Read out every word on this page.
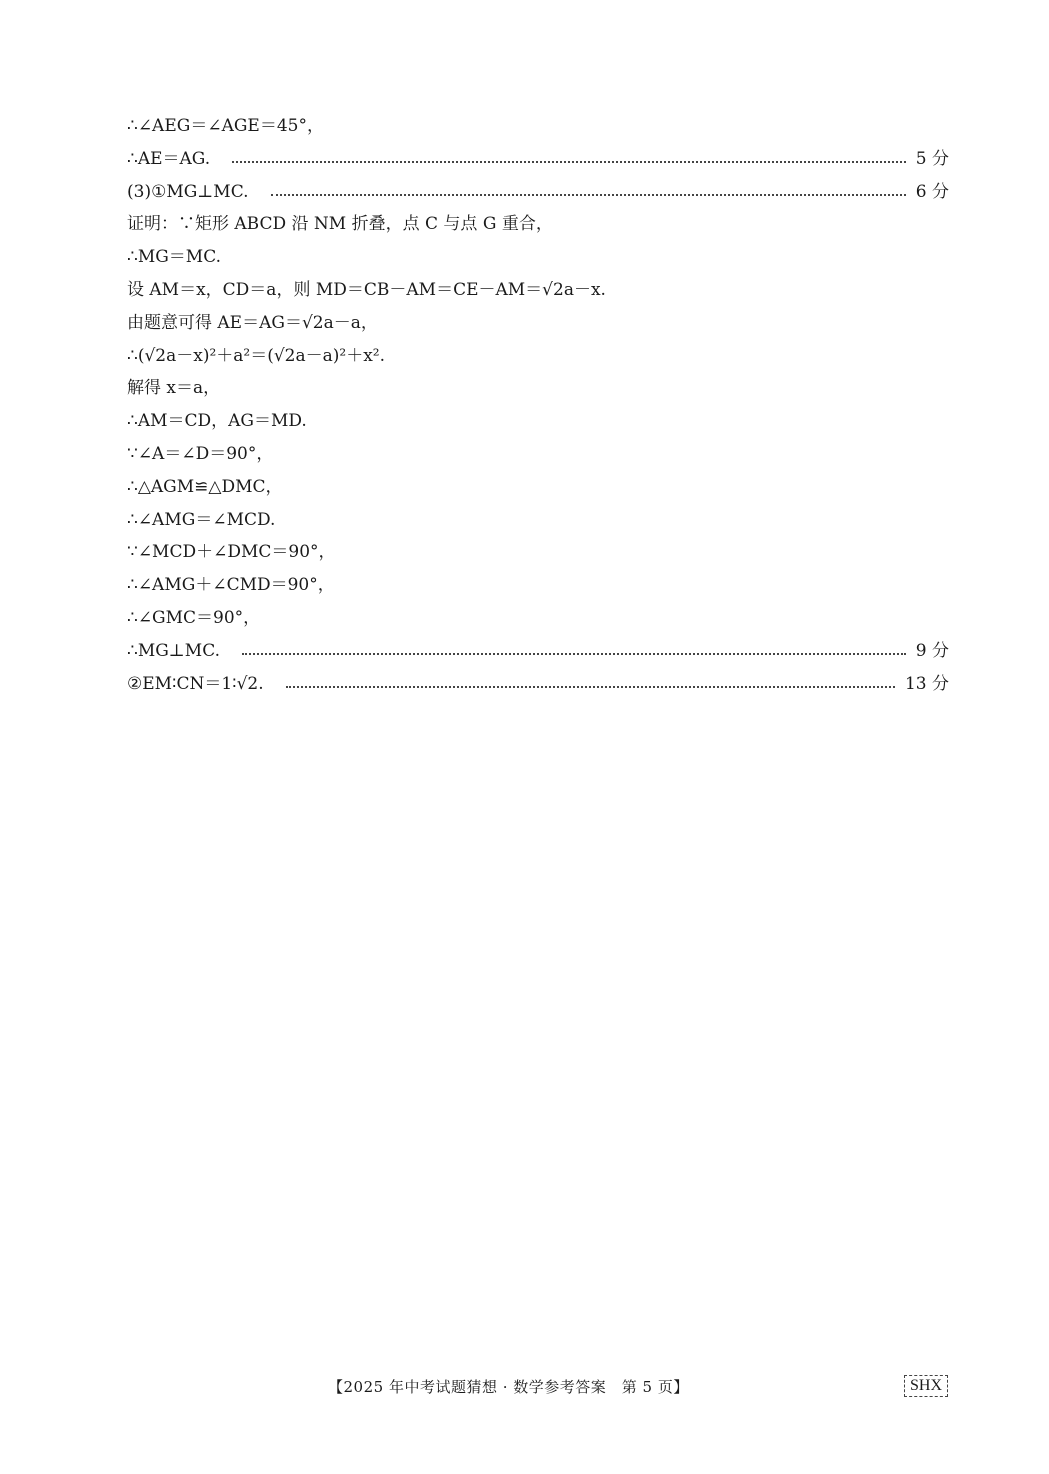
∴∠AEG＝∠AGE＝45°，
∴AE＝AG.	5 分
(3)①MG⊥MC.	6 分
证明：∵矩形 ABCD 沿 NM 折叠，点 C 与点 G 重合，
∴MG＝MC.
设 AM＝x，CD＝a，则 MD＝CB－AM＝CE－AM＝√2a－x.
由题意可得 AE＝AG＝√2a－a，
∴(√2a－x)²＋a²＝(√2a－a)²＋x².
解得 x＝a，
∴AM＝CD，AG＝MD.
∵∠A＝∠D＝90°，
∴△AGM≌△DMC，
∴∠AMG＝∠MCD.
∵∠MCD＋∠DMC＝90°，
∴∠AMG＋∠CMD＝90°，
∴∠GMC＝90°，
∴MG⊥MC.	9 分
②EM∶CN＝1∶√2.	13 分
【2025 年中考试题猜想 · 数学参考答案　第 5 页】	SHX
